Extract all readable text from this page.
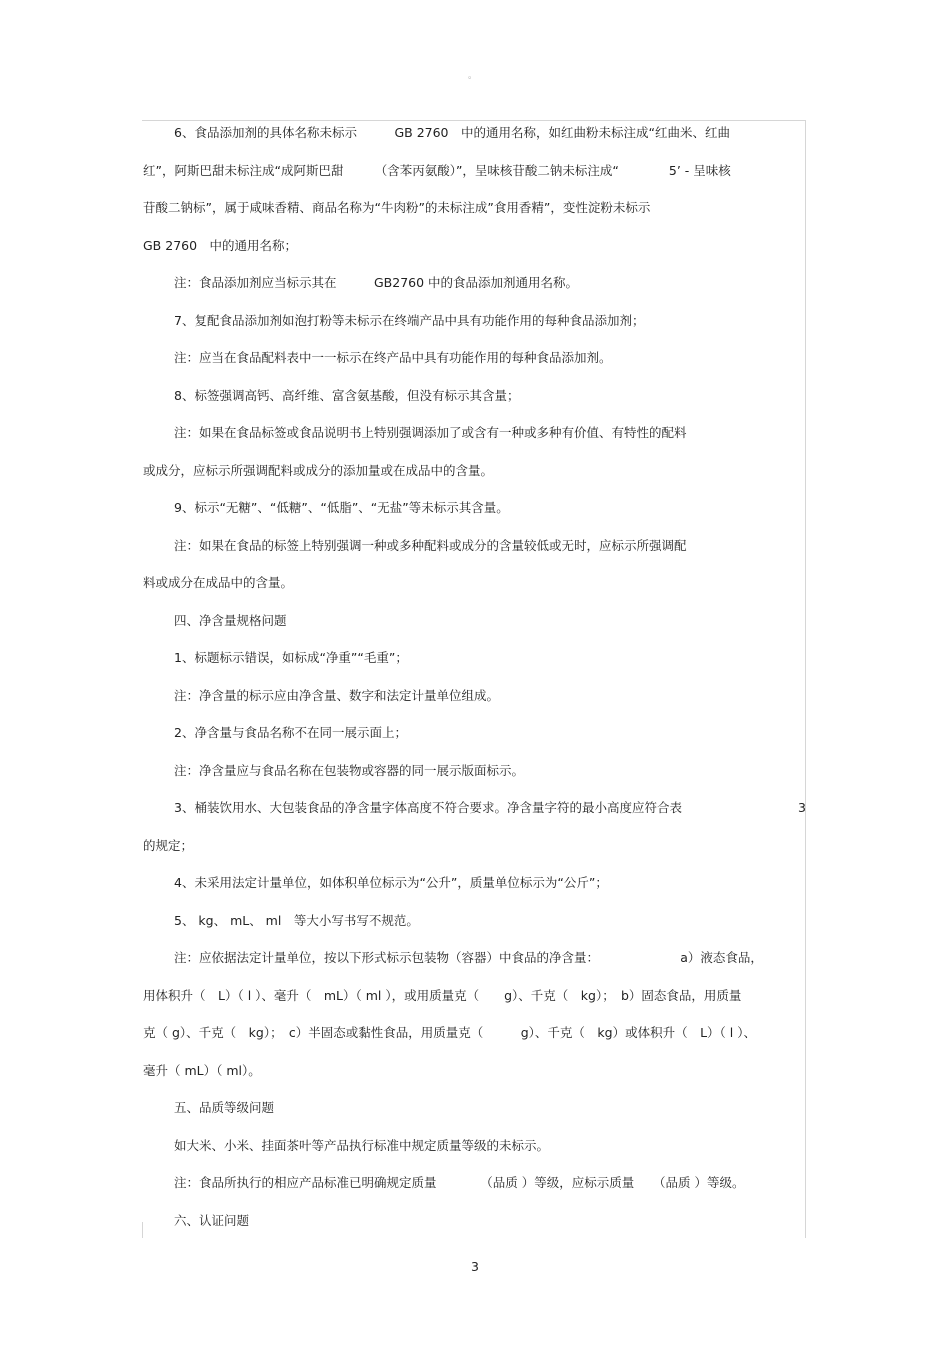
。
6、食品添加剂的具体名称未标示　　　GB 2760　中的通用名称，如红曲粉未标注成“红曲米、红曲
红”，阿斯巴甜未标注成“成阿斯巴甜　　　（含苯丙氨酸）”，呈味核苷酸二钠未标注成“　　　　5’ - 呈味核
苷酸二钠标”，属于咸味香精、商品名称为“牛肉粉”的未标注成”食用香精”，变性淀粉未标示
GB 2760　中的通用名称；
注：食品添加剂应当标示其在　　　GB2760 中的食品添加剂通用名称。
7、复配食品添加剂如泡打粉等未标示在终端产品中具有功能作用的每种食品添加剂；
注：应当在食品配料表中一一标示在终产品中具有功能作用的每种食品添加剂。
8、标签强调高钙、高纤维、富含氨基酸，但没有标示其含量；
注：如果在食品标签或食品说明书上特别强调添加了或含有一种或多种有价值、有特性的配料
或成分，应标示所强调配料或成分的添加量或在成品中的含量。
9、标示“无糖”、“低糖”、“低脂”、“无盐”等未标示其含量。
注：如果在食品的标签上特别强调一种或多种配料或成分的含量较低或无时，应标示所强调配
料或成分在成品中的含量。
四、净含量规格问题
1、标题标示错误，如标成“净重”“毛重”；
注：净含量的标示应由净含量、数字和法定计量单位组成。
2、净含量与食品名称不在同一展示面上；
注：净含量应与食品名称在包装物或容器的同一展示版面标示。
3、桶装饮用水、大包装食品的净含量字体高度不符合要求。净含量字符的最小高度应符合表	3
的规定；
4、未采用法定计量单位，如体积单位标示为“公升”，质量单位标示为“公斤”；
5、 kg、 mL、 ml　等大小写书写不规范。
注：应依据法定计量单位，按以下形式标示包装物（容器）中食品的净含量：　　　　　　　a）液态食品，
用体积升（　L）（ l ）、毫升（　mL）（ ml ），或用质量克（　　g）、千克（　kg）；　b）固态食品，用质量
克（ g）、千克（　kg）；　c）半固态或黏性食品，用质量克（　　　g）、千克（　kg）或体积升（　L）（ l ）、
毫升（ mL）（ ml）。
五、品质等级问题
如大米、小米、挂面茶叶等产品执行标准中规定质量等级的未标示。
注：食品所执行的相应产品标准已明确规定质量　　　　（品质 ）等级，应标示质量　　（品质 ）等级。
六、认证问题
3
